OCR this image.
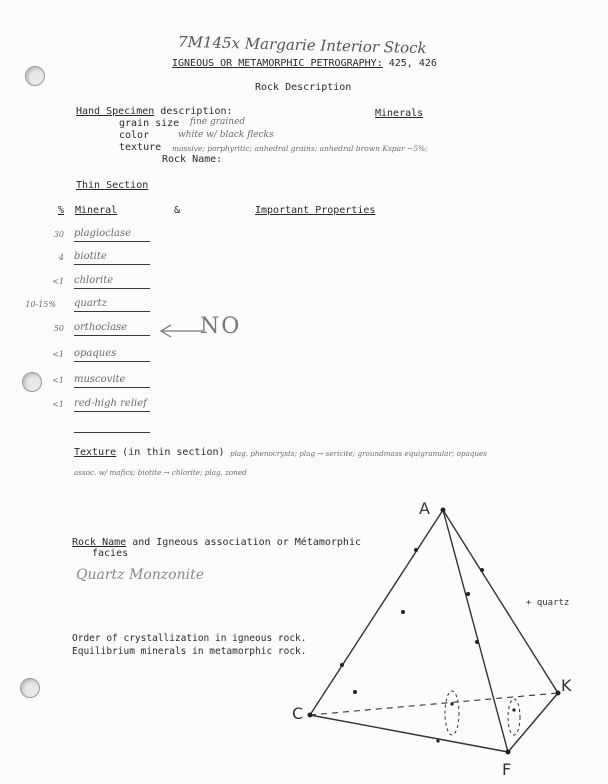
7M145x Margarie Interior Stock
IGNEOUS OR METAMORPHIC PETROGRAPHY: 425, 426
Rock Description
Hand Specimen description:	Minerals
grain size fine grained
color	white w/ black flecks
texture massive; porphyritic; anhedral grains; anhedral brown Kspar ~5%;
Rock Name:
Thin Section
% Mineral	&	Important Properties
30 plagioclase
4 biotite
<1 chlorite
10-15% quartz
50 orthoclase
<1 opaques
<1 muscovite
<1 red-high relief
NO
Texture (in thin section) plag. phenocrysts; plag → sericite; groundmass equigranular; opaques
assoc. w/ mafics; biotite → chlorite; plag. zoned
Rock Name and Igneous association or Métamorphic
facies
Quartz Monzonite
Order of crystallization in igneous rock.
Equilibrium minerals in metamorphic rock.
A
C
F
K
+ quartz
